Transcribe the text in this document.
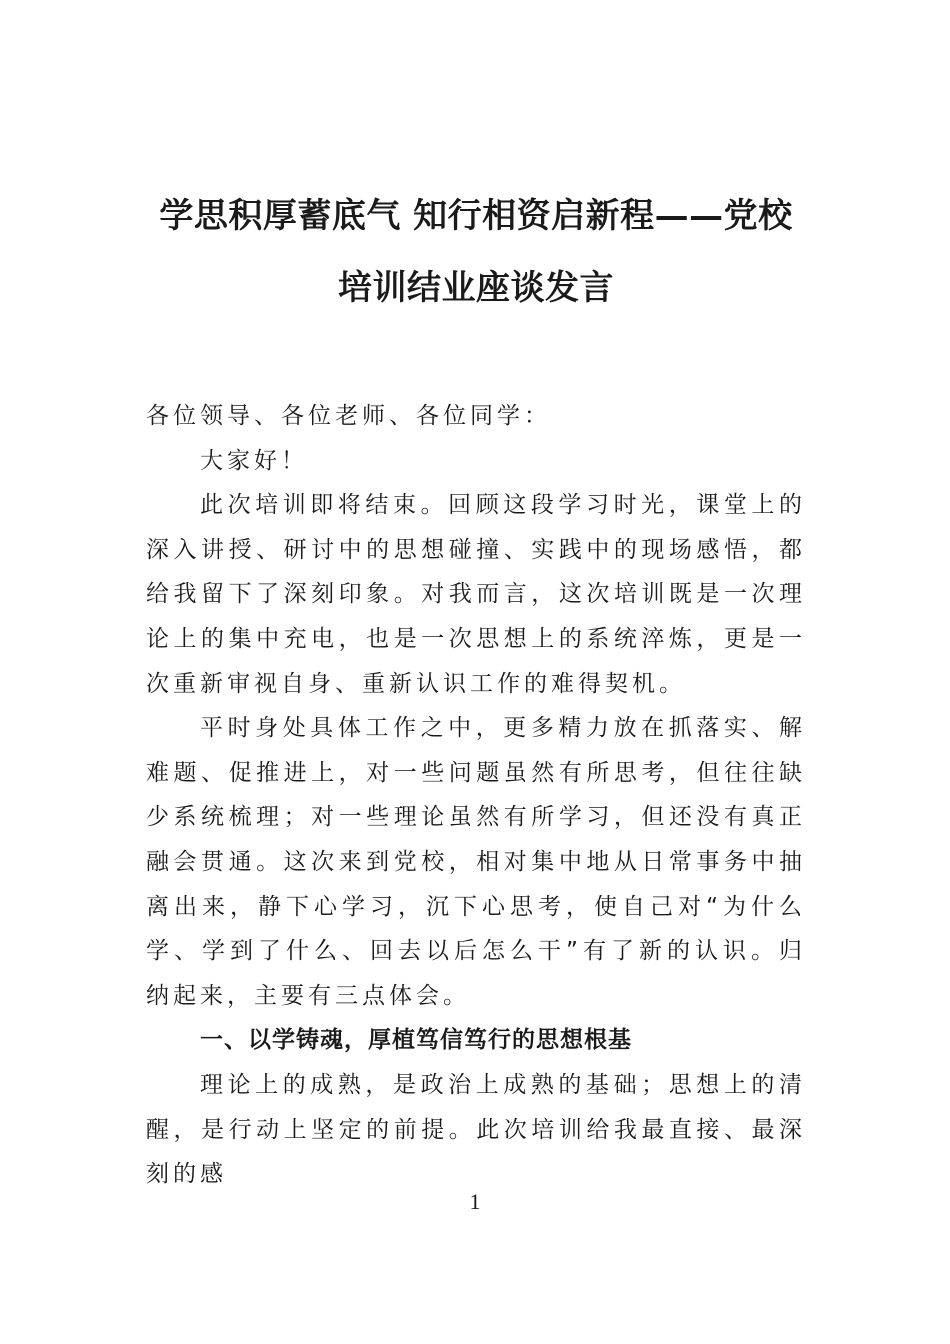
学思积厚蓄底气 知行相资启新程——党校
培训结业座谈发言

各位领导、各位老师、各位同学：

大家好！

此次培训即将结束。回顾这段学习时光，课堂上的深入讲授、研讨中的思想碰撞、实践中的现场感悟，都给我留下了深刻印象。对我而言，这次培训既是一次理论上的集中充电，也是一次思想上的系统淬炼，更是一次重新审视自身、重新认识工作的难得契机。

平时身处具体工作之中，更多精力放在抓落实、解难题、促推进上，对一些问题虽然有所思考，但往往缺少系统梳理；对一些理论虽然有所学习，但还没有真正融会贯通。这次来到党校，相对集中地从日常事务中抽离出来，静下心学习，沉下心思考，使自己对“为什么学、学到了什么、回去以后怎么干”有了新的认识。归纳起来，主要有三点体会。

一、以学铸魂，厚植笃信笃行的思想根基

理论上的成熟，是政治上成熟的基础；思想上的清醒，是行动上坚定的前提。此次培训给我最直接、最深刻的感

1
